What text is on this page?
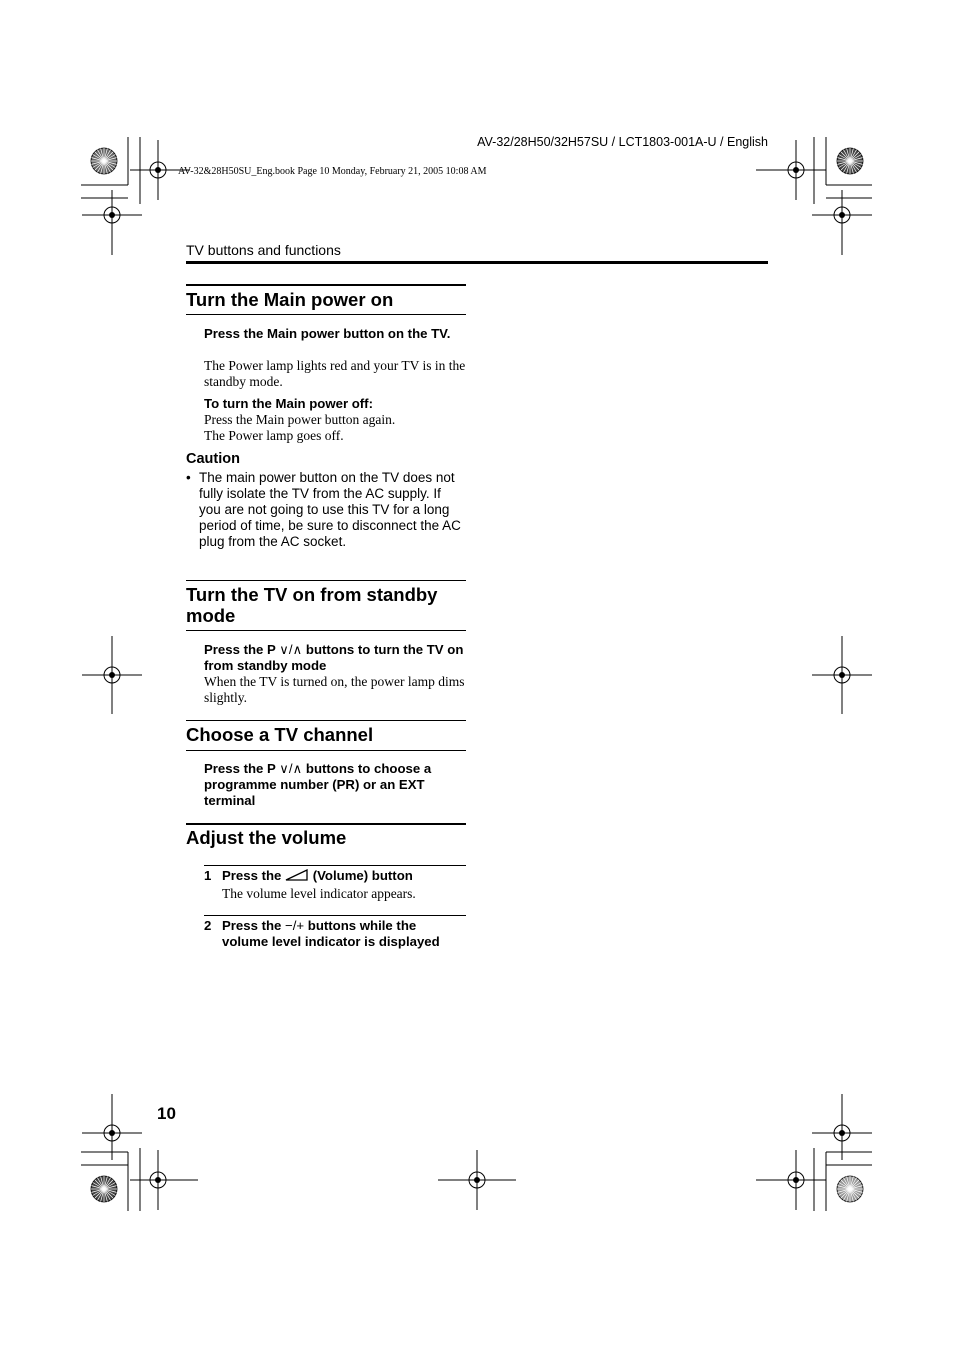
AV-32/28H50/32H57SU / LCT1803-001A-U / English
AV-32&28H50SU_Eng.book Page 10 Monday, February 21, 2005 10:08 AM
TV buttons and functions
Turn the Main power on
Press the Main power button on the TV.
The Power lamp lights red and your TV is in the standby mode.
To turn the Main power off:
Press the Main power button again.
The Power lamp goes off.
Caution
• The main power button on the TV does not fully isolate the TV from the AC supply. If you are not going to use this TV for a long period of time, be sure to disconnect the AC plug from the AC socket.
Turn the TV on from standby mode
Press the P ∨/∧ buttons to turn the TV on from standby mode
When the TV is turned on, the power lamp dims slightly.
Choose a TV channel
Press the P ∨/∧ buttons to choose a programme number (PR) or an EXT terminal
Adjust the volume
1 Press the  (Volume) button
The volume level indicator appears.
2 Press the −/+ buttons while the volume level indicator is displayed
10
